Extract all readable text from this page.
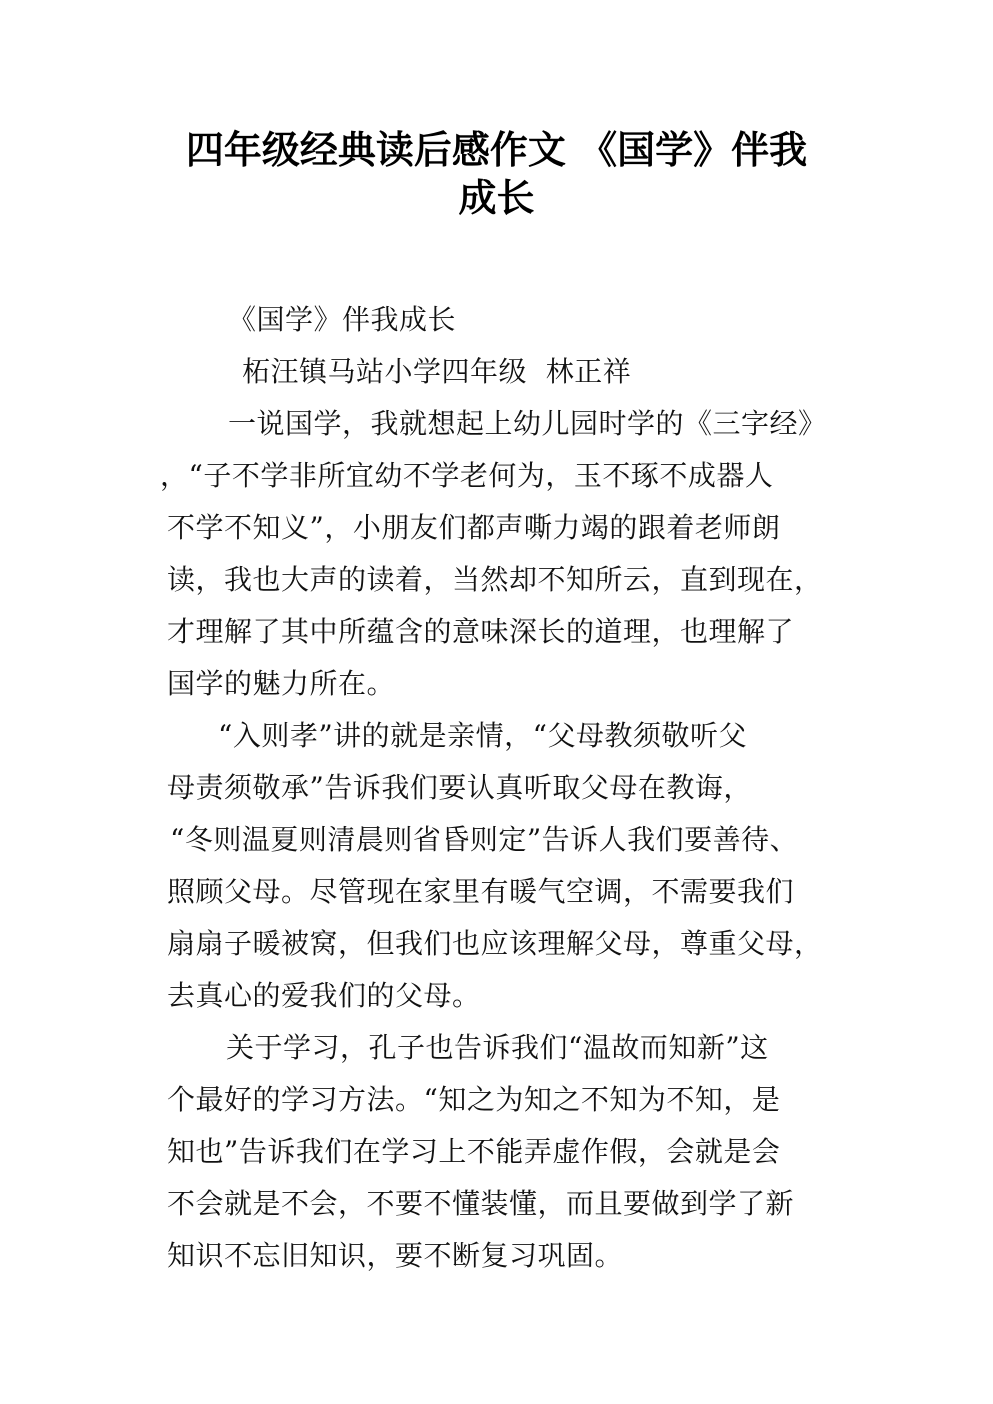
四年级经典读后感作文 《国学》伴我
成长
《国学》伴我成长
柘汪镇马站小学四年级  林正祥
一说国学，我就想起上幼儿园时学的《三字经》
，“子不学非所宜幼不学老何为，玉不琢不成器人
不学不知义”，小朋友们都声嘶力竭的跟着老师朗
读，我也大声的读着，当然却不知所云，直到现在，
才理解了其中所蕴含的意味深长的道理，也理解了
国学的魅力所在。
“入则孝”讲的就是亲情，“父母教须敬听父
母责须敬承”告诉我们要认真听取父母在教诲，
“冬则温夏则清晨则省昏则定”告诉人我们要善待、
照顾父母。尽管现在家里有暖气空调，不需要我们
扇扇子暖被窝，但我们也应该理解父母，尊重父母，
去真心的爱我们的父母。
关于学习，孔子也告诉我们“温故而知新”这
个最好的学习方法。“知之为知之不知为不知，是
知也”告诉我们在学习上不能弄虚作假，会就是会
不会就是不会，不要不懂装懂，而且要做到学了新
知识不忘旧知识，要不断复习巩固。
